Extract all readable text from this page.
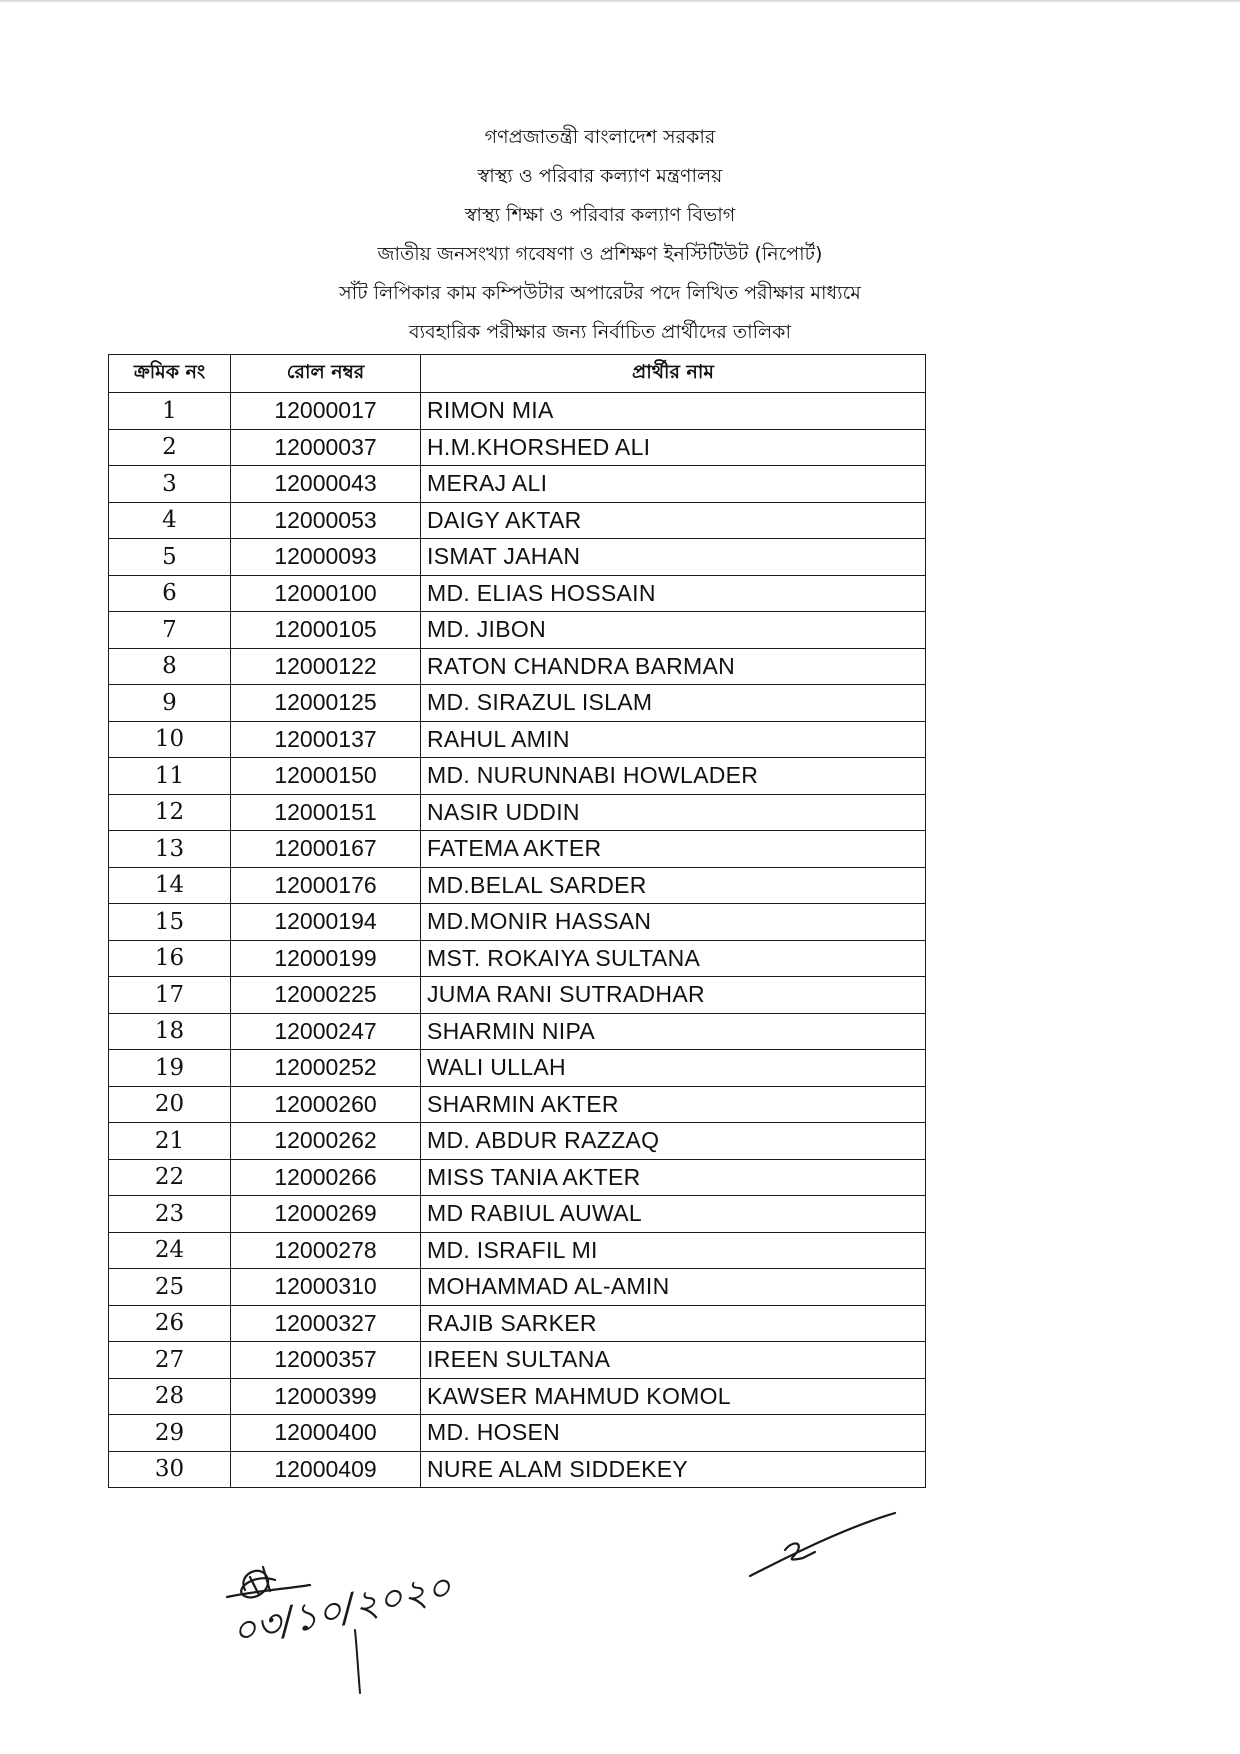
গণপ্রজাতন্ত্রী বাংলাদেশ সরকার
স্বাস্থ্য ও পরিবার কল্যাণ মন্ত্রণালয়
স্বাস্থ্য শিক্ষা ও পরিবার কল্যাণ বিভাগ
জাতীয় জনসংখ্যা গবেষণা ও প্রশিক্ষণ ইনস্টিটিউট (নিপোর্ট)
সাঁট লিপিকার কাম কম্পিউটার অপারেটর পদে লিখিত পরীক্ষার মাধ্যমে
ব্যবহারিক পরীক্ষার জন্য নির্বাচিত প্রার্থীদের তালিকা
ক্রমিক নং	রোল নম্বর	প্রার্থীর নাম
1	12000017	RIMON MIA
2	12000037	H.M.KHORSHED ALI
3	12000043	MERAJ ALI
4	12000053	DAIGY AKTAR
5	12000093	ISMAT JAHAN
6	12000100	MD. ELIAS HOSSAIN
7	12000105	MD. JIBON
8	12000122	RATON CHANDRA BARMAN
9	12000125	MD. SIRAZUL ISLAM
10	12000137	RAHUL AMIN
11	12000150	MD. NURUNNABI HOWLADER
12	12000151	NASIR UDDIN
13	12000167	FATEMA AKTER
14	12000176	MD.BELAL SARDER
15	12000194	MD.MONIR HASSAN
16	12000199	MST. ROKAIYA SULTANA
17	12000225	JUMA RANI SUTRADHAR
18	12000247	SHARMIN NIPA
19	12000252	WALI ULLAH
20	12000260	SHARMIN AKTER
21	12000262	MD. ABDUR RAZZAQ
22	12000266	MISS TANIA AKTER
23	12000269	MD RABIUL AUWAL
24	12000278	MD. ISRAFIL MI
25	12000310	MOHAMMAD AL-AMIN
26	12000327	RAJIB SARKER
27	12000357	IREEN SULTANA
28	12000399	KAWSER MAHMUD KOMOL
29	12000400	MD. HOSEN
30	12000409	NURE ALAM SIDDEKEY
০৩/১০/২০২০
